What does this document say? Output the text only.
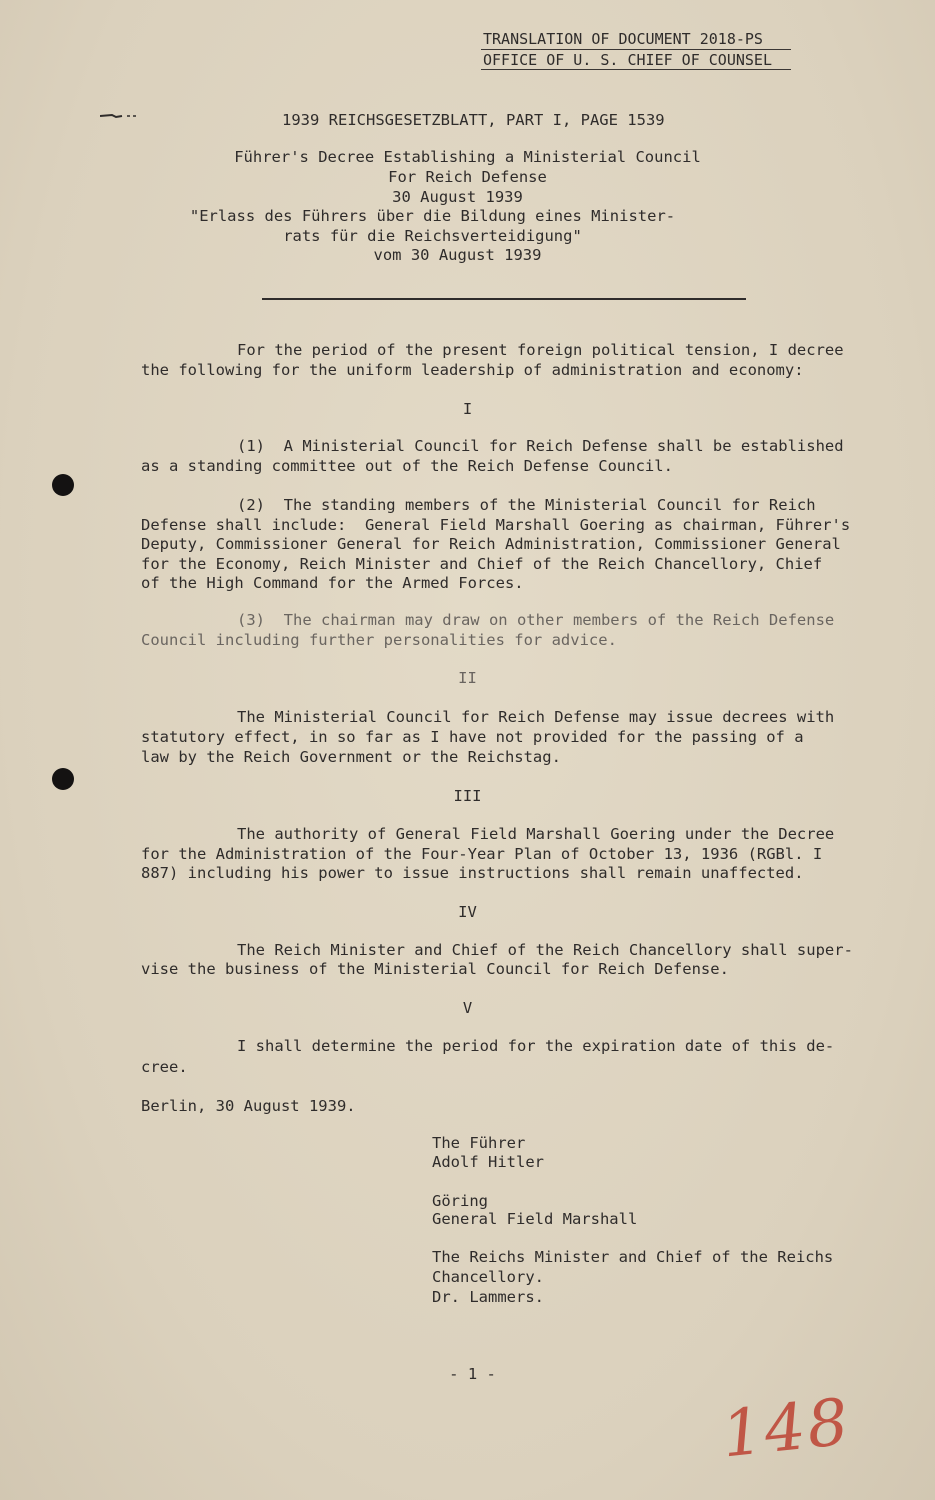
TRANSLATION OF DOCUMENT 2018-PS
OFFICE OF U. S. CHIEF OF COUNSEL
1939 REICHSGESETZBLATT, PART I, PAGE 1539
Führer's Decree Establishing a Ministerial Council
For Reich Defense
30 August 1939
"Erlass des Führers über die Bildung eines Minister-
rats für die Reichsverteidigung"
vom 30 August 1939
For the period of the present foreign political tension, I decree
the following for the uniform leadership of administration and economy:
I
(1)  A Ministerial Council for Reich Defense shall be established
as a standing committee out of the Reich Defense Council.
(2)  The standing members of the Ministerial Council for Reich
Defense shall include:  General Field Marshall Goering as chairman, Führer's
Deputy, Commissioner General for Reich Administration, Commissioner General
for the Economy, Reich Minister and Chief of the Reich Chancellory, Chief
of the High Command for the Armed Forces.
(3)  The chairman may draw on other members of the Reich Defense
Council including further personalities for advice.
II
The Ministerial Council for Reich Defense may issue decrees with
statutory effect, in so far as I have not provided for the passing of a
law by the Reich Government or the Reichstag.
III
The authority of General Field Marshall Goering under the Decree
for the Administration of the Four-Year Plan of October 13, 1936 (RGBl. I
887) including his power to issue instructions shall remain unaffected.
IV
The Reich Minister and Chief of the Reich Chancellory shall super-
vise the business of the Ministerial Council for Reich Defense.
V
I shall determine the period for the expiration date of this de-
cree.
Berlin, 30 August 1939.
The Führer
Adolf Hitler
Göring
General Field Marshall
The Reichs Minister and Chief of the Reichs
Chancellory.
Dr. Lammers.
- 1 -
148
